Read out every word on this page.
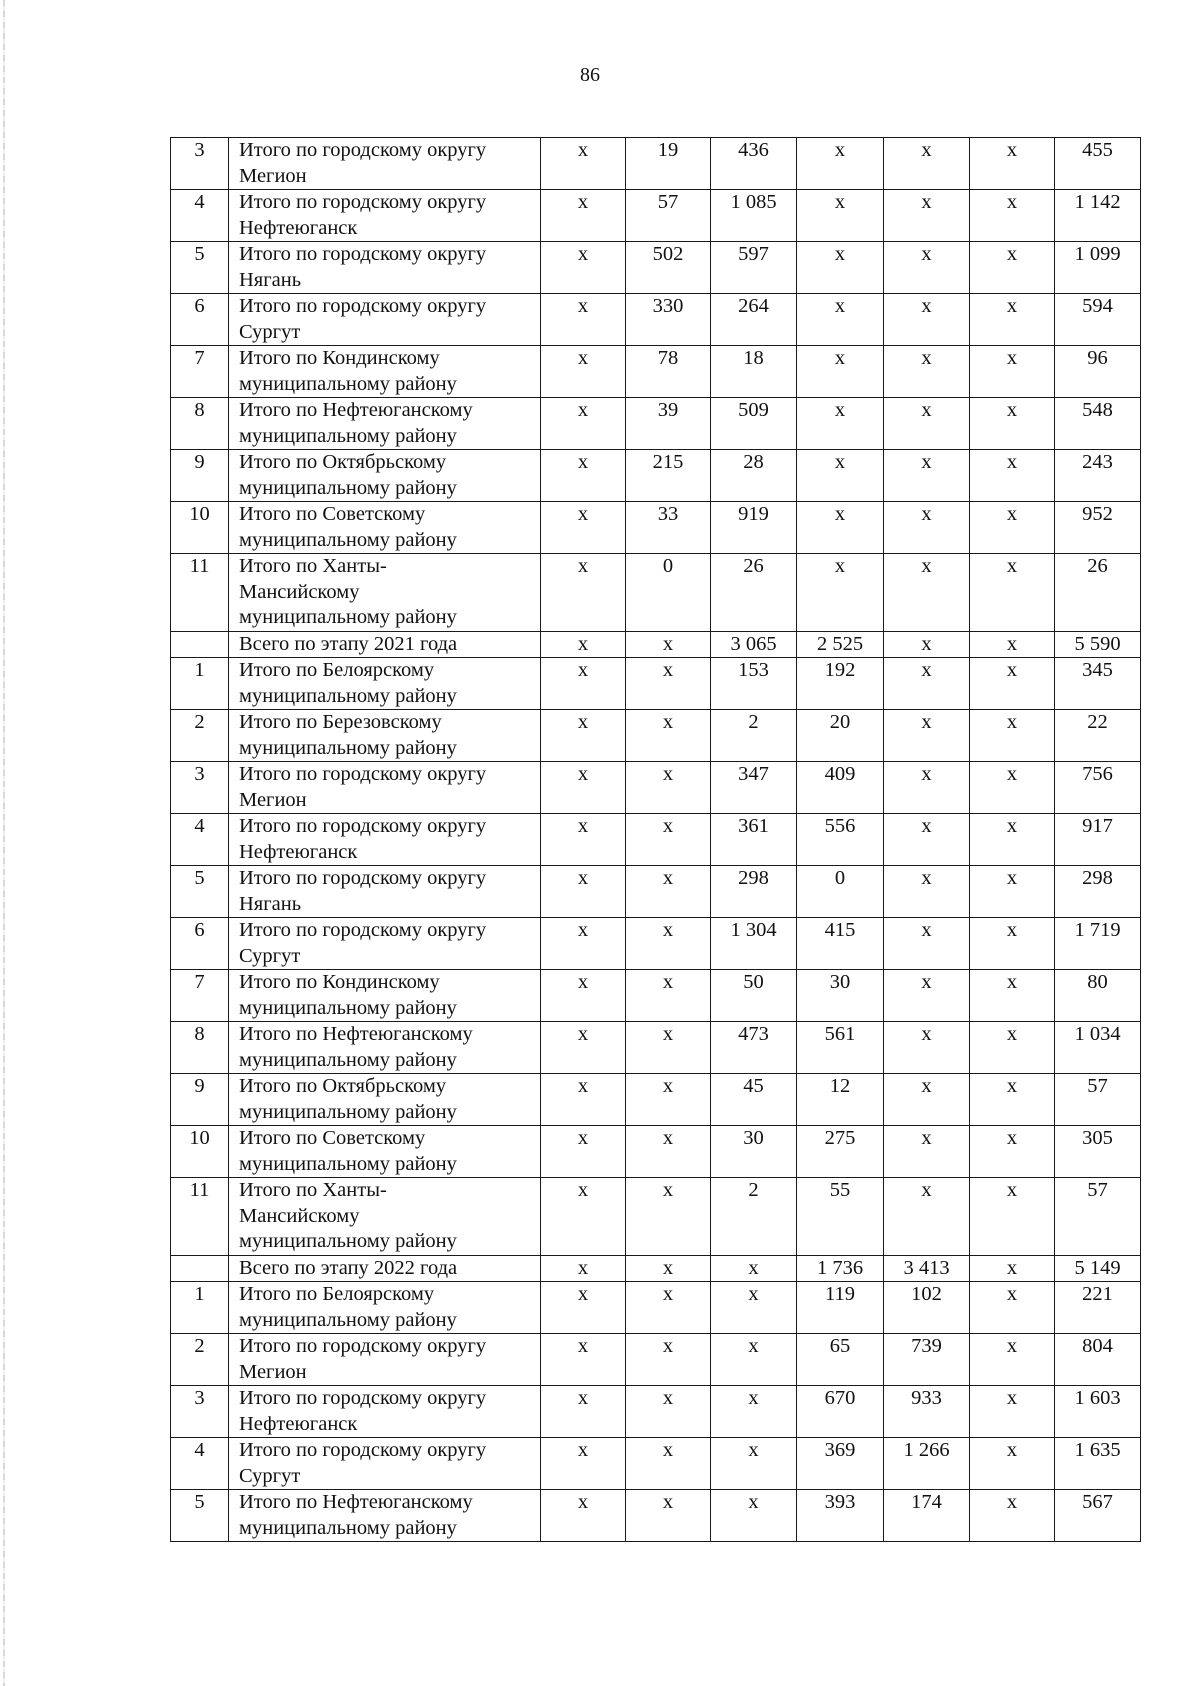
86
3	Итого по городскому округу
Мегион	x	19	436	x	x	x	455
4	Итого по городскому округу
Нефтеюганск	x	57	1 085	x	x	x	1 142
5	Итого по городскому округу
Нягань	x	502	597	x	x	x	1 099
6	Итого по городскому округу
Сургут	x	330	264	x	x	x	594
7	Итого по Кондинскому
муниципальному району	x	78	18	x	x	x	96
8	Итого по Нефтеюганскому
муниципальному району	x	39	509	x	x	x	548
9	Итого по Октябрьскому
муниципальному району	x	215	28	x	x	x	243
10	Итого по Советскому
муниципальному району	x	33	919	x	x	x	952
11	Итого по Ханты-
Мансийскому
муниципальному району	x	0	26	x	x	x	26

	Всего по этапу 2021 года	x	x	3 065	2 525	x	x	5 590
1	Итого по Белоярскому
муниципальному району	x	x	153	192	x	x	345
2	Итого по Березовскому
муниципальному району	x	x	2	20	x	x	22
3	Итого по городскому округу
Мегион	x	x	347	409	x	x	756
4	Итого по городскому округу
Нефтеюганск	x	x	361	556	x	x	917
5	Итого по городскому округу
Нягань	x	x	298	0	x	x	298
6	Итого по городскому округу
Сургут	x	x	1 304	415	x	x	1 719
7	Итого по Кондинскому
муниципальному району	x	x	50	30	x	x	80
8	Итого по Нефтеюганскому
муниципальному району	x	x	473	561	x	x	1 034
9	Итого по Октябрьскому
муниципальному району	x	x	45	12	x	x	57
10	Итого по Советскому
муниципальному району	x	x	30	275	x	x	305
11	Итого по Ханты-
Мансийскому
муниципальному району	x	x	2	55	x	x	57

	Всего по этапу 2022 года	x	x	x	1 736	3 413	x	5 149
1	Итого по Белоярскому
муниципальному району	x	x	x	119	102	x	221
2	Итого по городскому округу
Мегион	x	x	x	65	739	x	804
3	Итого по городскому округу
Нефтеюганск	x	x	x	670	933	x	1 603
4	Итого по городскому округу
Сургут	x	x	x	369	1 266	x	1 635
5	Итого по Нефтеюганскому
муниципальному району	x	x	x	393	174	x	567
